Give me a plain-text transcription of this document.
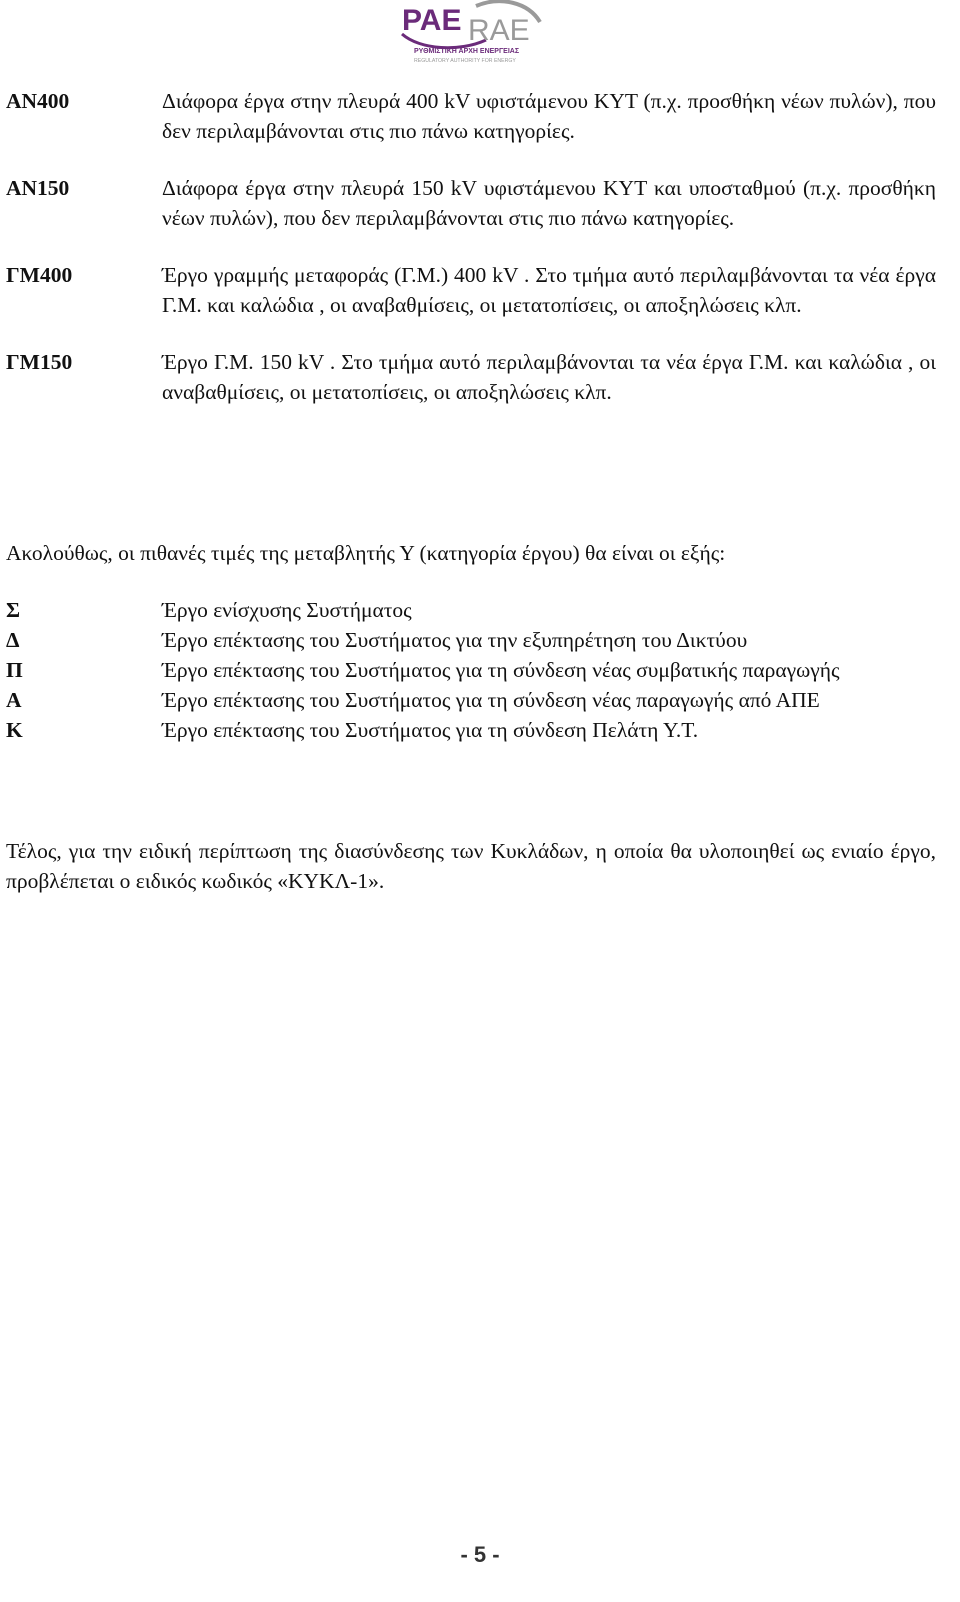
ΡΑΕ RAE
ΡΥΘΜΙΣΤΙΚΗ ΑΡΧΗ ΕΝΕΡΓΕΙΑΣ
REGULATORY AUTHORITY FOR ENERGY
ΑΝ400	Διάφορα έργα στην πλευρά 400 kV υφιστάμενου ΚΥΤ (π.χ. προσθήκη νέων πυλών), που δεν περιλαμβάνονται στις πιο πάνω κατηγορίες.
ΑΝ150	Διάφορα έργα στην πλευρά 150 kV υφιστάμενου ΚΥΤ και υποσταθμού (π.χ. προσθήκη νέων πυλών), που δεν περιλαμβάνονται στις πιο πάνω κατηγορίες.
ΓΜ400	Έργο γραμμής μεταφοράς (Γ.Μ.) 400 kV . Στο τμήμα αυτό περιλαμβάνονται τα νέα έργα Γ.Μ. και καλώδια , οι αναβαθμίσεις, οι μετατοπίσεις, οι αποξηλώσεις κλπ.
ΓΜ150	Έργο Γ.Μ. 150 kV . Στο τμήμα αυτό περιλαμβάνονται τα νέα έργα Γ.Μ. και καλώδια , οι αναβαθμίσεις, οι μετατοπίσεις, οι αποξηλώσεις κλπ.
Ακολούθως, οι πιθανές τιμές της μεταβλητής Υ (κατηγορία έργου) θα είναι οι εξής:
Σ	Έργο ενίσχυσης Συστήματος
Δ	Έργο επέκτασης του Συστήματος για την εξυπηρέτηση του Δικτύου
Π	Έργο επέκτασης του Συστήματος για τη σύνδεση νέας συμβατικής παραγωγής
Α	Έργο επέκτασης του Συστήματος για τη σύνδεση νέας παραγωγής από ΑΠΕ
Κ	Έργο επέκτασης του Συστήματος για τη σύνδεση Πελάτη Υ.Τ.
Τέλος, για την ειδική περίπτωση της διασύνδεσης των Κυκλάδων, η οποία θα υλοποιηθεί ως ενιαίο έργο, προβλέπεται ο ειδικός κωδικός «ΚΥΚΛ-1».
- 5 -
